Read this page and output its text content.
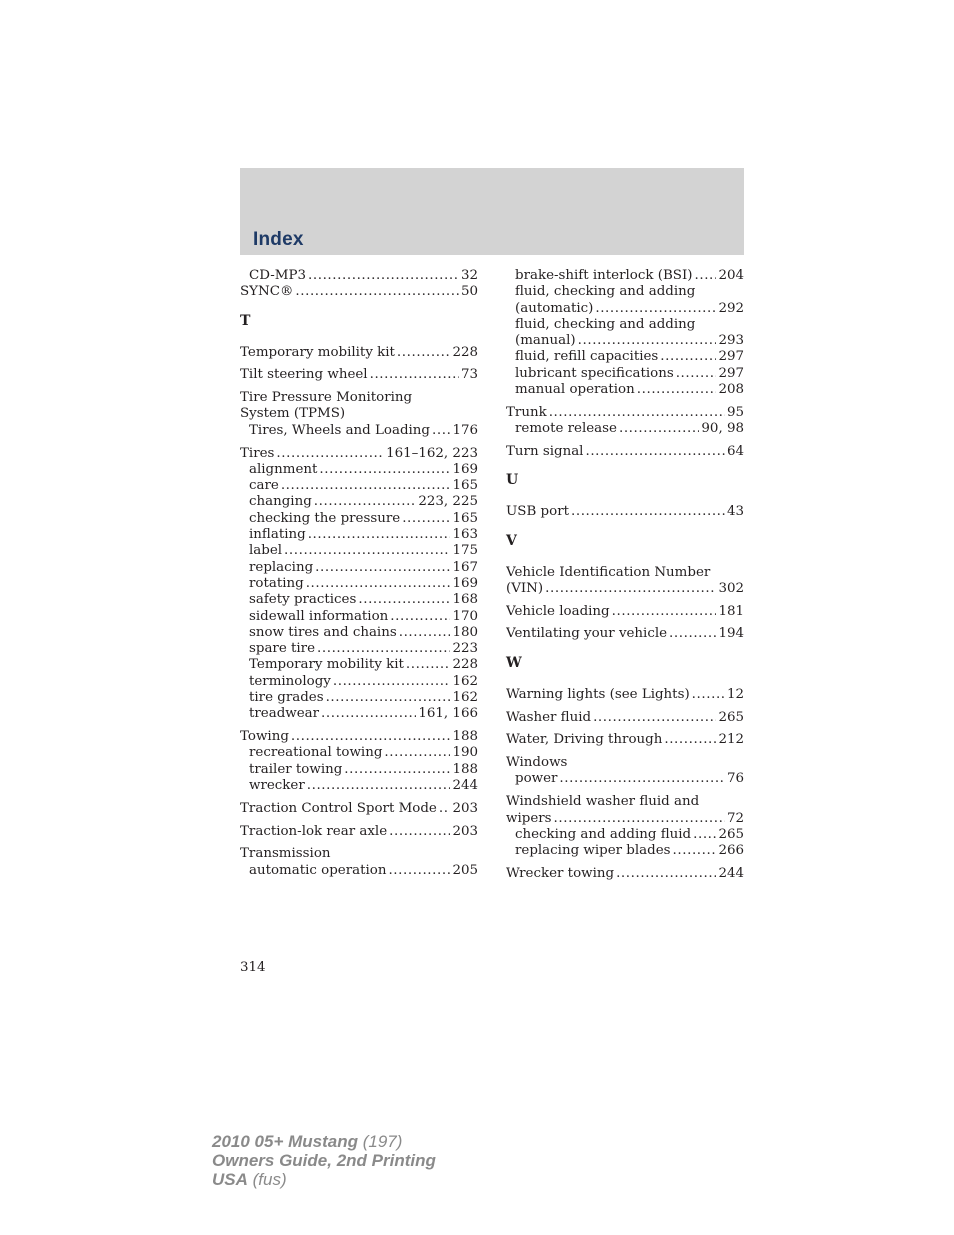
Index
CD-MP3 .....	32
SYNC® .....	50
T
Temporary mobility kit .....	228
Tilt steering wheel .....	73
Tire Pressure Monitoring
System (TPMS)
Tires, Wheels and Loading ..... 176
Tires .....	161–162, 223
alignment .....	169
care .....	165
changing .....	223, 225
checking the pressure .....	165
inflating .....	163
label .....	175
replacing .....	167
rotating .....	169
safety practices .....	168
sidewall information .....	170
snow tires and chains .....	180
spare tire .....	223
Temporary mobility kit .....	228
terminology .....	162
tire grades .....	162
treadwear .....	161, 166
Towing .....	188
recreational towing .....	190
trailer towing .....	188
wrecker .....	244
Traction Control Sport Mode ..... 203
Traction-lok rear axle .....	203
Transmission
automatic operation .....	205
brake-shift interlock (BSI) ..... 204
fluid, checking and adding
(automatic) .....	292
fluid, checking and adding
(manual) .....	293
fluid, refill capacities .....	297
lubricant specifications .....	297
manual operation .....	208
Trunk .....	95
remote release .....	90, 98
Turn signal .....	64
U
USB port .....	43
V
Vehicle Identification Number
(VIN) .....	302
Vehicle loading .....	181
Ventilating your vehicle .....	194
W
Warning lights (see Lights) .....	12
Washer fluid .....	265
Water, Driving through .....	212
Windows
power .....	76
Windshield washer fluid and
wipers .....	72
checking and adding fluid ..... 265
replacing wiper blades .....	266
Wrecker towing .....	244
314
2010 05+ Mustang (197)
Owners Guide, 2nd Printing
USA (fus)
